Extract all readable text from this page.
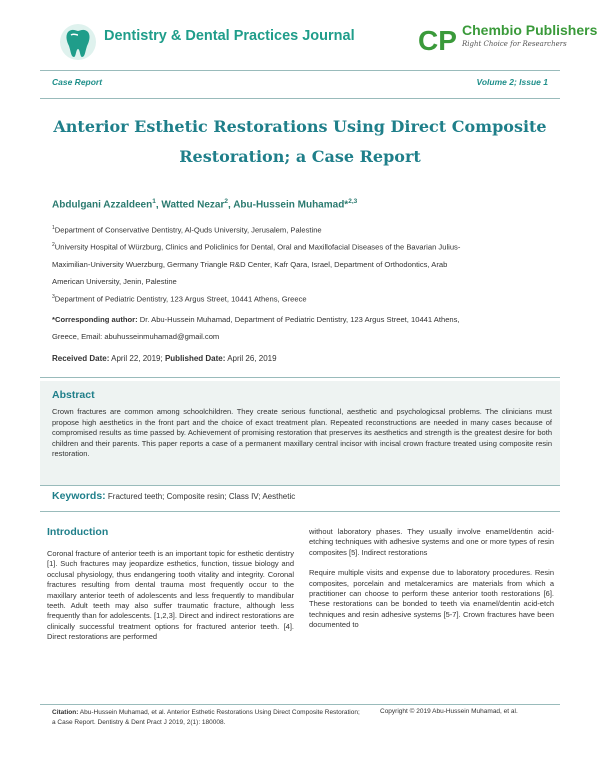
Dentistry & Dental Practices Journal CP Chembio Publishers
Right Choice for Researchers
Case Report	Volume 2; Issue 1
Anterior Esthetic Restorations Using Direct Composite
Restoration; a Case Report
Abdulgani Azzaldeen$^1$, Watted Nezar$^2$, Abu-Hussein Muhamad*$^{2,3}$
$^1$Department of Conservative Dentistry, Al-Quds University, Jerusalem, Palestine
$^2$University Hospital of Würzburg, Clinics and Policlinics for Dental, Oral and Maxillofacial Diseases of the Bavarian Julius-
Maximilian-University Wuerzburg, Germany Triangle R&D Center, Kafr Qara, Israel, Department of Orthodontics, Arab
American University, Jenin, Palestine
$^3$Department of Pediatric Dentistry, 123 Argus Street, 10441 Athens, Greece
*Corresponding author: Dr. Abu-Hussein Muhamad, Department of Pediatric Dentistry, 123 Argus Street, 10441 Athens,
Greece, Email: abuhusseinmuhamad@gmail.com
Received Date: April 22, 2019; Published Date: April 26, 2019
Abstract
Crown fractures are common among schoolchildren. They create serious functional, aesthetic and psychologicsal problems. The clinicians must propose high aesthetics in the front part and the choice of exact treatment plan. Repeated reconstructions are needed in many cases because of compromised results as time passed by. Achievement of promising restoration that preserves its aesthetics and strength is the greatest desire for both children and their parents. This paper reports a case of a permanent maxillary central incisor with incisal crown fracture treated using composite resin restoration.
Keywords: Fractured teeth; Composite resin; Class IV; Aesthetic
Introduction

Coronal fracture of anterior teeth is an important topic for esthetic dentistry [1]. Such fractures may jeopardize esthetics, function, tissue biology and occlusal physiology, thus endangering tooth vitality and integrity. Coronal fractures resulting from dental trauma most frequently occur to the maxillary anterior teeth of adolescents and less frequently to mandibular teeth. Adult teeth may also suffer traumatic fracture, although less frequently than for adolescents. [1,2,3]. Direct and indirect restorations are clinically successful treatment options for fractured anterior teeth. [4]. Direct restorations are performed

without laboratory phases. They usually involve enamel/dentin acid-etching techniques with adhesive systems and one or more types of resin composites [5]. Indirect restorations

Require multiple visits and expense due to laboratory procedures. Resin composites, porcelain and metalceramics are materials from which a practitioner can choose to perform these anterior tooth restorations [6]. These restorations can be bonded to teeth via enamel/dentin acid-etch techniques and resin adhesive systems [5-7]. Crown fractures have been documented to

Citation: Abu-Hussein Muhamad, et al. Anterior Esthetic Restorations Using Direct Composite Restoration; a Case Report. Dentistry & Dent Pract J 2019, 2(1): 180008.
Copyright © 2019 Abu-Hussein Muhamad, et al.
